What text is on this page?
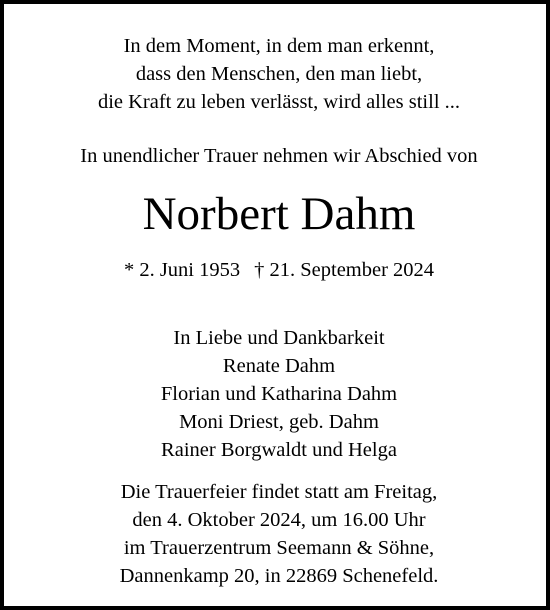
In dem Moment, in dem man erkennt,
dass den Menschen, den man liebt,
die Kraft zu leben verlässt, wird alles still ...
In unendlicher Trauer nehmen wir Abschied von
Norbert Dahm
* 2. Juni 1953 † 21. September 2024
In Liebe und Dankbarkeit
Renate Dahm
Florian und Katharina Dahm
Moni Driest, geb. Dahm
Rainer Borgwaldt und Helga
Die Trauerfeier findet statt am Freitag,
den 4. Oktober 2024, um 16.00 Uhr
im Trauerzentrum Seemann & Söhne,
Dannenkamp 20, in 22869 Schenefeld.
